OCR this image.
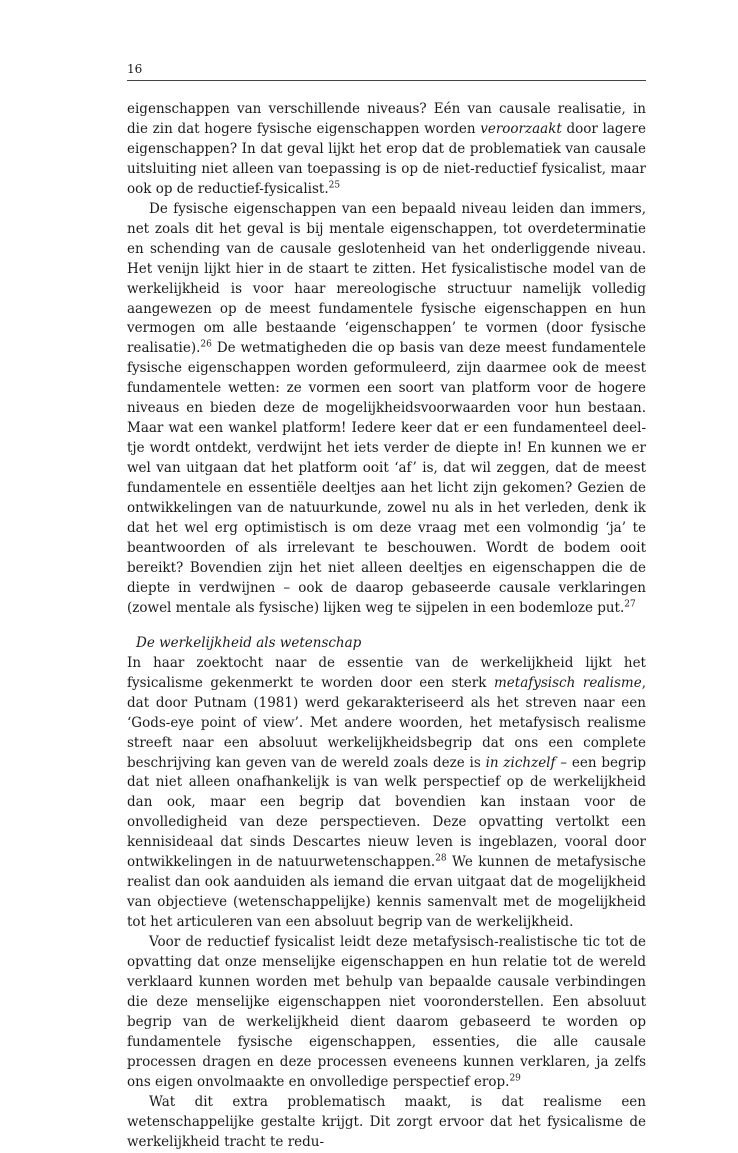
16

eigenschappen van verschillende niveaus? Eén van causale realisatie, in die zin dat hogere fysische eigenschappen worden veroorzaakt door lagere eigenschappen? In dat geval lijkt het erop dat de problematiek van causale uitsluiting niet alleen van toepassing is op de niet-reductief fysicalist, maar ook op de reductief-fysicalist.$^{25}$

De fysische eigenschappen van een bepaald niveau leiden dan immers, net zoals dit het geval is bij mentale eigenschappen, tot overdeterminatie en schending van de causale geslotenheid van het onderliggende niveau. Het venijn lijkt hier in de staart te zitten. Het fysicalistische model van de werkelijkheid is voor haar mereologische structuur namelijk volledig aangewezen op de meest fundamentele fysische eigenschappen en hun vermogen om alle bestaande ‘eigenschappen’ te vormen (door fysische realisatie).$^{26}$ De wetmatigheden die op basis van deze meest fundamentele fysische eigenschappen worden geformuleerd, zijn daarmee ook de meest fundamentele wetten: ze vormen een soort van platform voor de hogere niveaus en bieden deze de mogelijkheidsvoorwaarden voor hun bestaan. Maar wat een wankel platform! Iedere keer dat er een fundamenteel deeltje wordt ontdekt, verdwijnt het iets verder de diepte in! En kunnen we er wel van uitgaan dat het platform ooit ‘af’ is, dat wil zeggen, dat de meest fundamentele en essentiële deeltjes aan het licht zijn gekomen? Gezien de ontwikkelingen van de natuurkunde, zowel nu als in het verleden, denk ik dat het wel erg optimistisch is om deze vraag met een volmondig ‘ja’ te beantwoorden of als irrelevant te beschouwen. Wordt de bodem ooit bereikt? Bovendien zijn het niet alleen deeltjes en eigenschappen die de diepte in verdwijnen – ook de daarop gebaseerde causale verklaringen (zowel mentale als fysische) lijken weg te sijpelen in een bodemloze put.$^{27}$

De werkelijkheid als wetenschap

In haar zoektocht naar de essentie van de werkelijkheid lijkt het fysicalisme gekenmerkt te worden door een sterk metafysisch realisme, dat door Putnam (1981) werd gekarakteriseerd als het streven naar een ‘Gods-eye point of view’. Met andere woorden, het metafysisch realisme streeft naar een absoluut werkelijkheidsbegrip dat ons een complete beschrijving kan geven van de wereld zoals deze is in zichzelf – een begrip dat niet alleen onafhankelijk is van welk perspectief op de werkelijkheid dan ook, maar een begrip dat bovendien kan instaan voor de onvolledigheid van deze perspectieven. Deze opvatting vertolkt een kennisideaal dat sinds Descartes nieuw leven is ingeblazen, vooral door ontwikkelingen in de natuurwetenschappen.$^{28}$ We kunnen de metafysische realist dan ook aanduiden als iemand die ervan uitgaat dat de mogelijkheid van objectieve (wetenschappelijke) kennis samenvalt met de mogelijkheid tot het articuleren van een absoluut begrip van de werkelijkheid.

Voor de reductief fysicalist leidt deze metafysisch-realistische tic tot de opvatting dat onze menselijke eigenschappen en hun relatie tot de wereld verklaard kunnen worden met behulp van bepaalde causale verbindingen die deze menselijke eigenschappen niet vooronderstellen. Een absoluut begrip van de werkelijkheid dient daarom gebaseerd te worden op fundamentele fysische eigenschappen, essenties, die alle causale processen dragen en deze processen eveneens kunnen verklaren, ja zelfs ons eigen onvolmaakte en onvolledige perspectief erop.$^{29}$

Wat dit extra problematisch maakt, is dat realisme een wetenschappelijke gestalte krijgt. Dit zorgt ervoor dat het fysicalisme de werkelijkheid tracht te redu-
